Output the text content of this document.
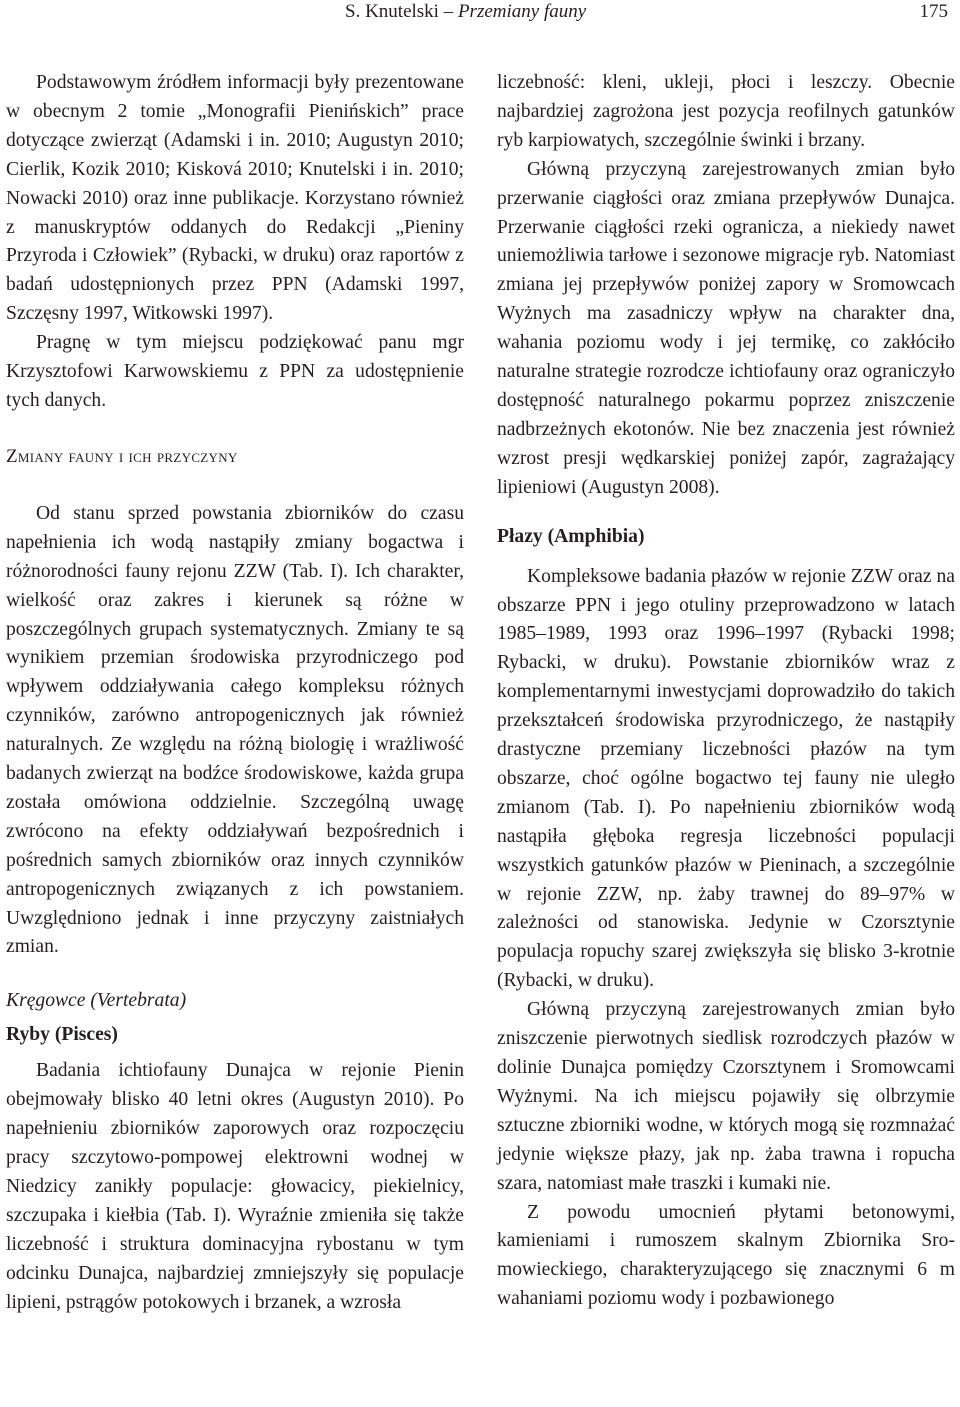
S. Knutelski – Przemiany fauny	175

Podstawowym źródłem informacji były prezentowane w obecnym 2 tomie „Monografii Pienińskich” prace dotyczące zwierząt (Adamski i in. 2010; Augustyn 2010; Cierlik, Kozik 2010; Kisková 2010; Knutelski i in. 2010; Nowacki 2010) oraz inne publikacje. Korzystano również z manuskryptów oddanych do Redakcji „Pieniny Przyroda i Człowiek” (Rybacki, w druku) oraz raportów z badań udostępnionych przez PPN (Adamski 1997, Szczęsny 1997, Witkowski 1997).

Pragnę w tym miejscu podziękować panu mgr Krzysztofowi Karwowskiemu z PPN za udostępnienie tych danych.

Zmiany fauny i ich przyczyny

Od stanu sprzed powstania zbiorników do czasu napełnienia ich wodą nastąpiły zmiany bogactwa i różnorodności fauny rejonu ZZW (Tab. I). Ich charakter, wielkość oraz zakres i kierunek są różne w poszczególnych grupach systematycznych. Zmiany te są wynikiem przemian środowiska przyrodniczego pod wpływem oddziaływania całego kompleksu różnych czynników, zarówno antropogenicznych jak również naturalnych. Ze względu na różną biologię i wrażliwość badanych zwierząt na bodźce środowiskowe, każda grupa została omówiona oddzielnie. Szczególną uwagę zwrócono na efekty oddziaływań bezpośrednich i pośrednich samych zbiorników oraz innych czynników antropogenicznych związanych z ich powstaniem. Uwzględniono jednak i inne przyczyny zaistniałych zmian.

Kręgowce (Vertebrata)
Ryby (Pisces)

Badania ichtiofauny Dunajca w rejonie Pienin obejmowały blisko 40 letni okres (Augustyn 2010). Po napełnieniu zbiorników zaporowych oraz rozpoczęciu pracy szczytowo-pompowej elektrowni wodnej w Niedzicy zanikły populacje: głowacicy, piekielnicy, szczupaka i kiełbia (Tab. I). Wyraźnie zmieniła się także liczebność i struktura dominacyjna rybostanu w tym odcinku Dunajca, najbardziej zmniejszyły się populacje lipieni, pstrągów potokowych i brzanek, a wzrosła

liczebność: kleni, ukleji, płoci i leszczy. Obecnie najbardziej zagrożona jest pozycja reofilnych gatunków ryb karpiowatych, szczególnie świnki i brzany.

Główną przyczyną zarejestrowanych zmian było przerwanie ciągłości oraz zmiana przepływów Dunajca. Przerwanie ciągłości rzeki ogranicza, a niekiedy nawet uniemożliwia tarłowe i sezonowe migracje ryb. Natomiast zmiana jej przepływów poniżej zapory w Sromowcach Wyżnych ma zasadniczy wpływ na charakter dna, wahania poziomu wody i jej termikę, co zakłóciło naturalne strategie rozrodcze ichtiofauny oraz ograniczyło dostępność naturalnego pokarmu poprzez zniszczenie nadbrzeżnych ekotonów. Nie bez znaczenia jest również wzrost presji wędkarskiej poniżej zapór, zagrażający lipieniowi (Augustyn 2008).

Płazy (Amphibia)

Kompleksowe badania płazów w rejonie ZZW oraz na obszarze PPN i jego otuliny przeprowadzono w latach 1985–1989, 1993 oraz 1996–1997 (Rybacki 1998; Rybacki, w druku). Powstanie zbiorników wraz z komplementarnymi inwestycjami doprowadziło do takich przekształceń środowiska przyrodniczego, że nastąpiły drastyczne przemiany liczebności płazów na tym obszarze, choć ogólne bogactwo tej fauny nie uległo zmianom (Tab. I). Po napełnieniu zbiorników wodą nastąpiła głęboka regresja liczebności populacji wszystkich gatunków płazów w Pieninach, a szczególnie w rejonie ZZW, np. żaby trawnej do 89–97% w zależności od stanowiska. Jedynie w Czorsztynie populacja ropuchy szarej zwiększyła się blisko 3-krotnie (Rybacki, w druku).

Główną przyczyną zarejestrowanych zmian było zniszczenie pierwotnych siedlisk rozrodczych płazów w dolinie Dunajca pomiędzy Czorsztynem i Sromowcami Wyżnymi. Na ich miejscu pojawiły się olbrzymie sztuczne zbiorniki wodne, w których mogą się rozmnażać jedynie większe płazy, jak np. żaba trawna i ropucha szara, natomiast małe traszki i kumaki nie.

Z powodu umocnień płytami betonowymi, kamieniami i rumoszem skalnym Zbiornika Sromowieckiego, charakteryzującego się znacznymi 6 m wahaniami poziomu wody i pozbawionego
